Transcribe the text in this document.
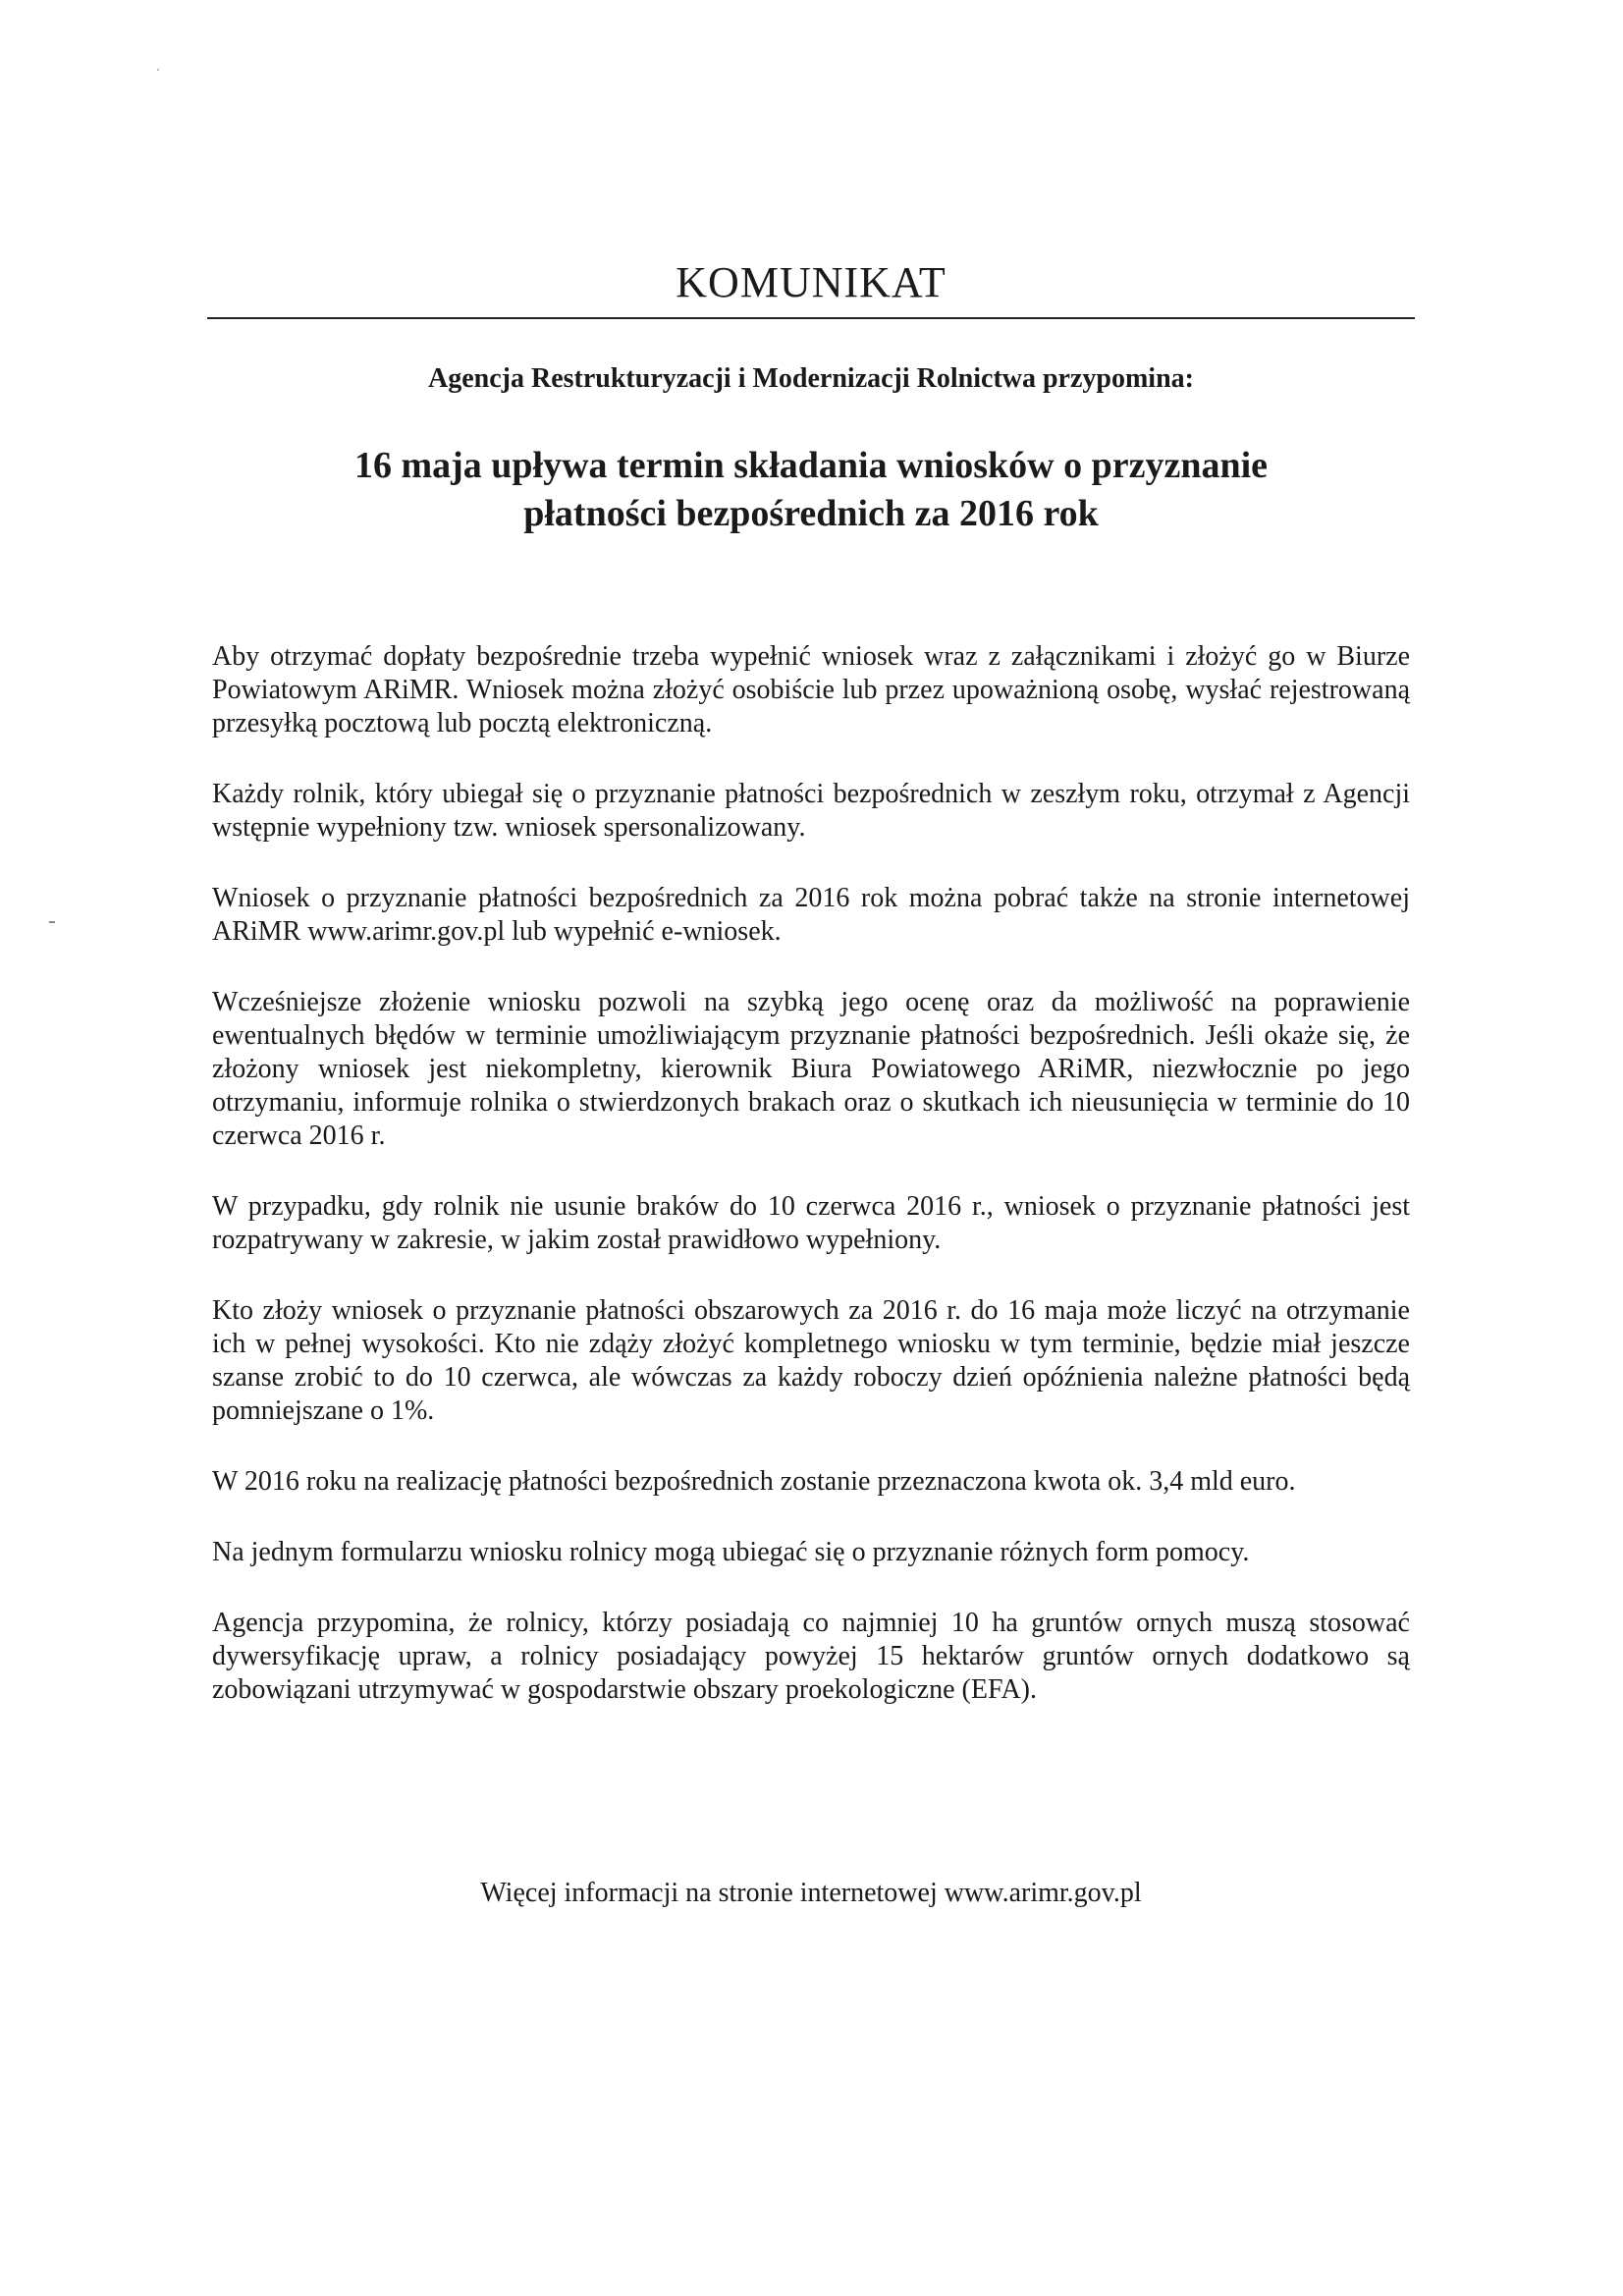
KOMUNIKAT

Agencja Restrukturyzacji i Modernizacji Rolnictwa przypomina:

16 maja upływa termin składania wniosków o przyznanie
płatności bezpośrednich za 2016 rok

Aby otrzymać dopłaty bezpośrednie trzeba wypełnić wniosek wraz z załącznikami i złożyć go w Biurze Powiatowym ARiMR. Wniosek można złożyć osobiście lub przez upoważnioną osobę, wysłać rejestrowaną przesyłką pocztową lub pocztą elektroniczną.

Każdy rolnik, który ubiegał się o przyznanie płatności bezpośrednich w zeszłym roku, otrzymał z Agencji wstępnie wypełniony tzw. wniosek spersonalizowany.

Wniosek o przyznanie płatności bezpośrednich za 2016 rok można pobrać także na stronie internetowej ARiMR www.arimr.gov.pl lub wypełnić e-wniosek.

Wcześniejsze złożenie wniosku pozwoli na szybką jego ocenę oraz da możliwość na poprawienie ewentualnych błędów w terminie umożliwiającym przyznanie płatności bezpośrednich. Jeśli okaże się, że złożony wniosek jest niekompletny, kierownik Biura Powiatowego ARiMR, niezwłocznie po jego otrzymaniu, informuje rolnika o stwierdzonych brakach oraz o skutkach ich nieusunięcia w terminie do 10 czerwca 2016 r.

W przypadku, gdy rolnik nie usunie braków do 10 czerwca 2016 r., wniosek o przyznanie płatności jest rozpatrywany w zakresie, w jakim został prawidłowo wypełniony.

Kto złoży wniosek o przyznanie płatności obszarowych za 2016 r. do 16 maja może liczyć na otrzymanie ich w pełnej wysokości. Kto nie zdąży złożyć kompletnego wniosku w tym terminie, będzie miał jeszcze szanse zrobić to do 10 czerwca, ale wówczas za każdy roboczy dzień opóźnienia należne płatności będą pomniejszane o 1%.

W 2016 roku na realizację płatności bezpośrednich zostanie przeznaczona kwota ok. 3,4 mld euro.

Na jednym formularzu wniosku rolnicy mogą ubiegać się o przyznanie różnych form pomocy.

Agencja przypomina, że rolnicy, którzy posiadają co najmniej 10 ha gruntów ornych muszą stosować dywersyfikację upraw, a rolnicy posiadający powyżej 15 hektarów gruntów ornych dodatkowo są zobowiązani utrzymywać w gospodarstwie obszary proekologiczne (EFA).

Więcej informacji na stronie internetowej www.arimr.gov.pl
